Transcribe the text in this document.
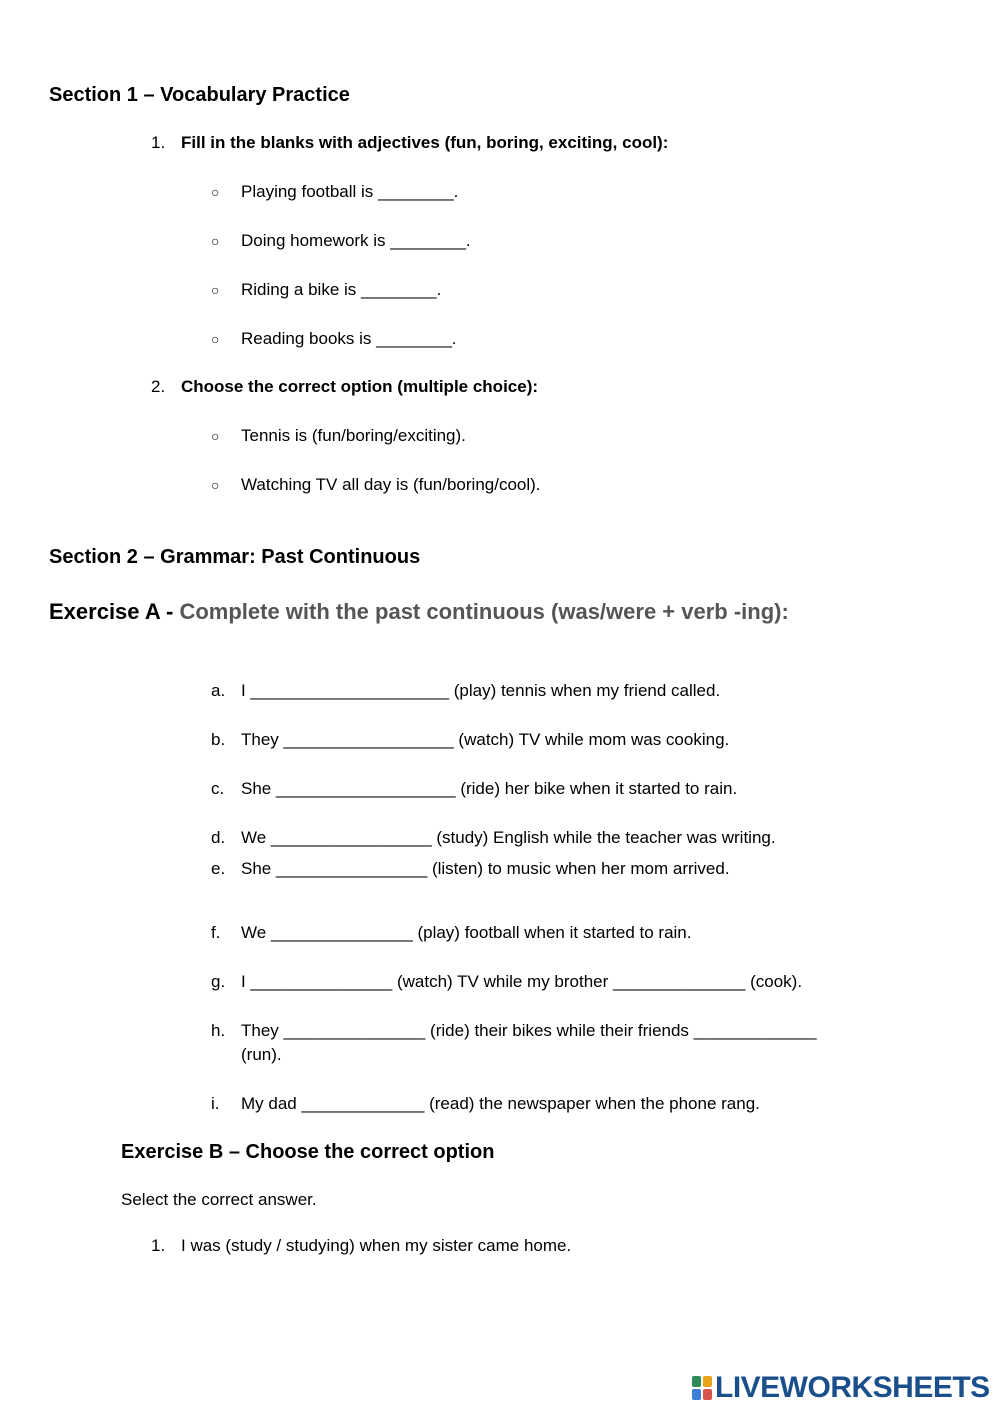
Section 1 – Vocabulary Practice
1. Fill in the blanks with adjectives (fun, boring, exciting, cool):
○ Playing football is ________.
○ Doing homework is ________.
○ Riding a bike is ________.
○ Reading books is ________.
2. Choose the correct option (multiple choice):
○ Tennis is (fun/boring/exciting).
○ Watching TV all day is (fun/boring/cool).
Section 2 – Grammar: Past Continuous
Exercise A - Complete with the past continuous (was/were + verb -ing):
a. I _____________________ (play) tennis when my friend called.
b. They __________________ (watch) TV while mom was cooking.
c. She ___________________ (ride) her bike when it started to rain.
d. We _________________ (study) English while the teacher was writing.
e. She ________________ (listen) to music when her mom arrived.
f. We _______________ (play) football when it started to rain.
g. I _______________ (watch) TV while my brother ______________ (cook).
h. They _______________ (ride) their bikes while their friends _____________
(run).
i. My dad _____________ (read) the newspaper when the phone rang.
Exercise B – Choose the correct option
Select the correct answer.
1. I was (study / studying) when my sister came home.
LIVEWORKSHEETS
